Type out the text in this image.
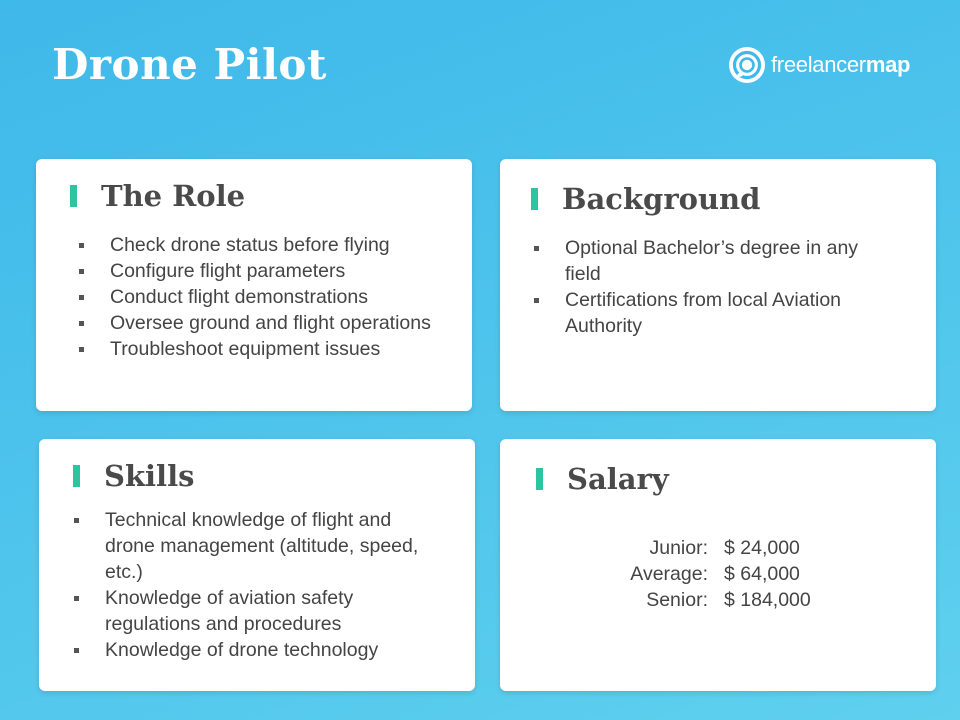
Drone Pilot	freelancermap
The Role
Check drone status before flying
Configure flight parameters
Conduct flight demonstrations
Oversee ground and flight operations
Troubleshoot equipment issues
Background
Optional Bachelor’s degree in any field
Certifications from local Aviation Authority
Skills
Technical knowledge of flight and drone management (altitude, speed, etc.)
Knowledge of aviation safety regulations and procedures
Knowledge of drone technology
Salary
Junior: $ 24,000
Average: $ 64,000
Senior: $ 184,000
